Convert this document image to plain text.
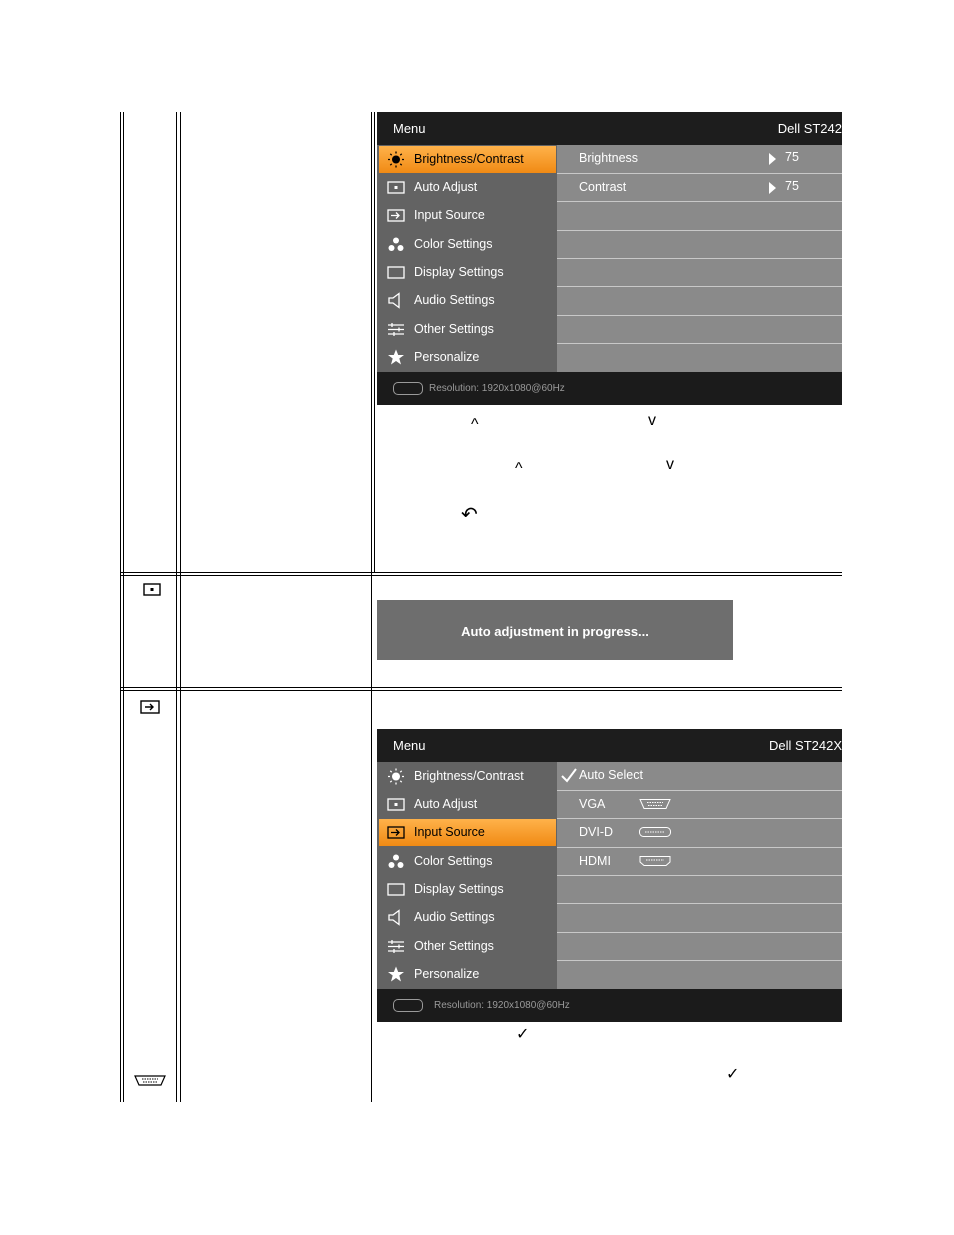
Menu	Dell ST242
Brightness/Contrast
Auto Adjust
Input Source
Color Settings
Display Settings
Audio Settings
Other Settings
Personalize
Brightness	75
Contrast	75
Resolution: 1920x1080@60Hz
^	v
^	v
↶
Auto adjustment in progress...
Menu	Dell ST242X
Brightness/Contrast
Auto Adjust
Input Source
Color Settings
Display Settings
Audio Settings
Other Settings
Personalize
Auto Select
VGA
DVI-D
HDMI
Resolution: 1920x1080@60Hz
✓
✓
